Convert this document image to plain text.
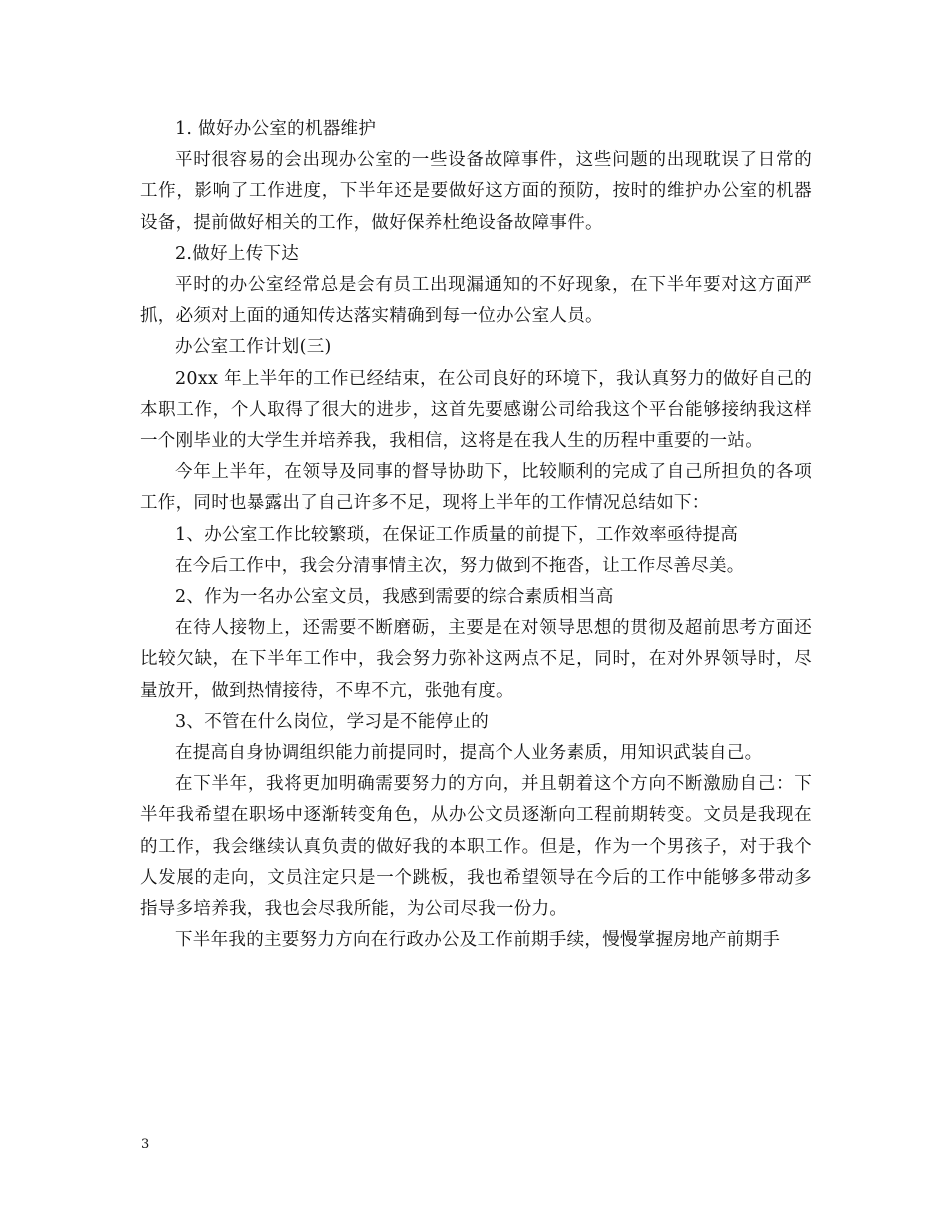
1. 做好办公室的机器维护

平时很容易的会出现办公室的一些设备故障事件，这些问题的出现耽误了日常的工作，影响了工作进度，下半年还是要做好这方面的预防，按时的维护办公室的机器设备，提前做好相关的工作，做好保养杜绝设备故障事件。

2.做好上传下达

平时的办公室经常总是会有员工出现漏通知的不好现象，在下半年要对这方面严抓，必须对上面的通知传达落实精确到每一位办公室人员。

办公室工作计划(三)

20xx 年上半年的工作已经结束，在公司良好的环境下，我认真努力的做好自己的本职工作，个人取得了很大的进步，这首先要感谢公司给我这个平台能够接纳我这样一个刚毕业的大学生并培养我，我相信，这将是在我人生的历程中重要的一站。

今年上半年，在领导及同事的督导协助下，比较顺利的完成了自己所担负的各项工作，同时也暴露出了自己许多不足，现将上半年的工作情况总结如下：

1、办公室工作比较繁琐，在保证工作质量的前提下，工作效率亟待提高

在今后工作中，我会分清事情主次，努力做到不拖沓，让工作尽善尽美。

2、作为一名办公室文员，我感到需要的综合素质相当高

在待人接物上，还需要不断磨砺，主要是在对领导思想的贯彻及超前思考方面还比较欠缺，在下半年工作中，我会努力弥补这两点不足，同时，在对外界领导时，尽量放开，做到热情接待，不卑不亢，张弛有度。

3、不管在什么岗位，学习是不能停止的

在提高自身协调组织能力前提同时，提高个人业务素质，用知识武装自己。

在下半年，我将更加明确需要努力的方向，并且朝着这个方向不断激励自己：下半年我希望在职场中逐渐转变角色，从办公文员逐渐向工程前期转变。文员是我现在的工作，我会继续认真负责的做好我的本职工作。但是，作为一个男孩子，对于我个人发展的走向，文员注定只是一个跳板，我也希望领导在今后的工作中能够多带动多指导多培养我，我也会尽我所能，为公司尽我一份力。

下半年我的主要努力方向在行政办公及工作前期手续，慢慢掌握房地产前期手

3
